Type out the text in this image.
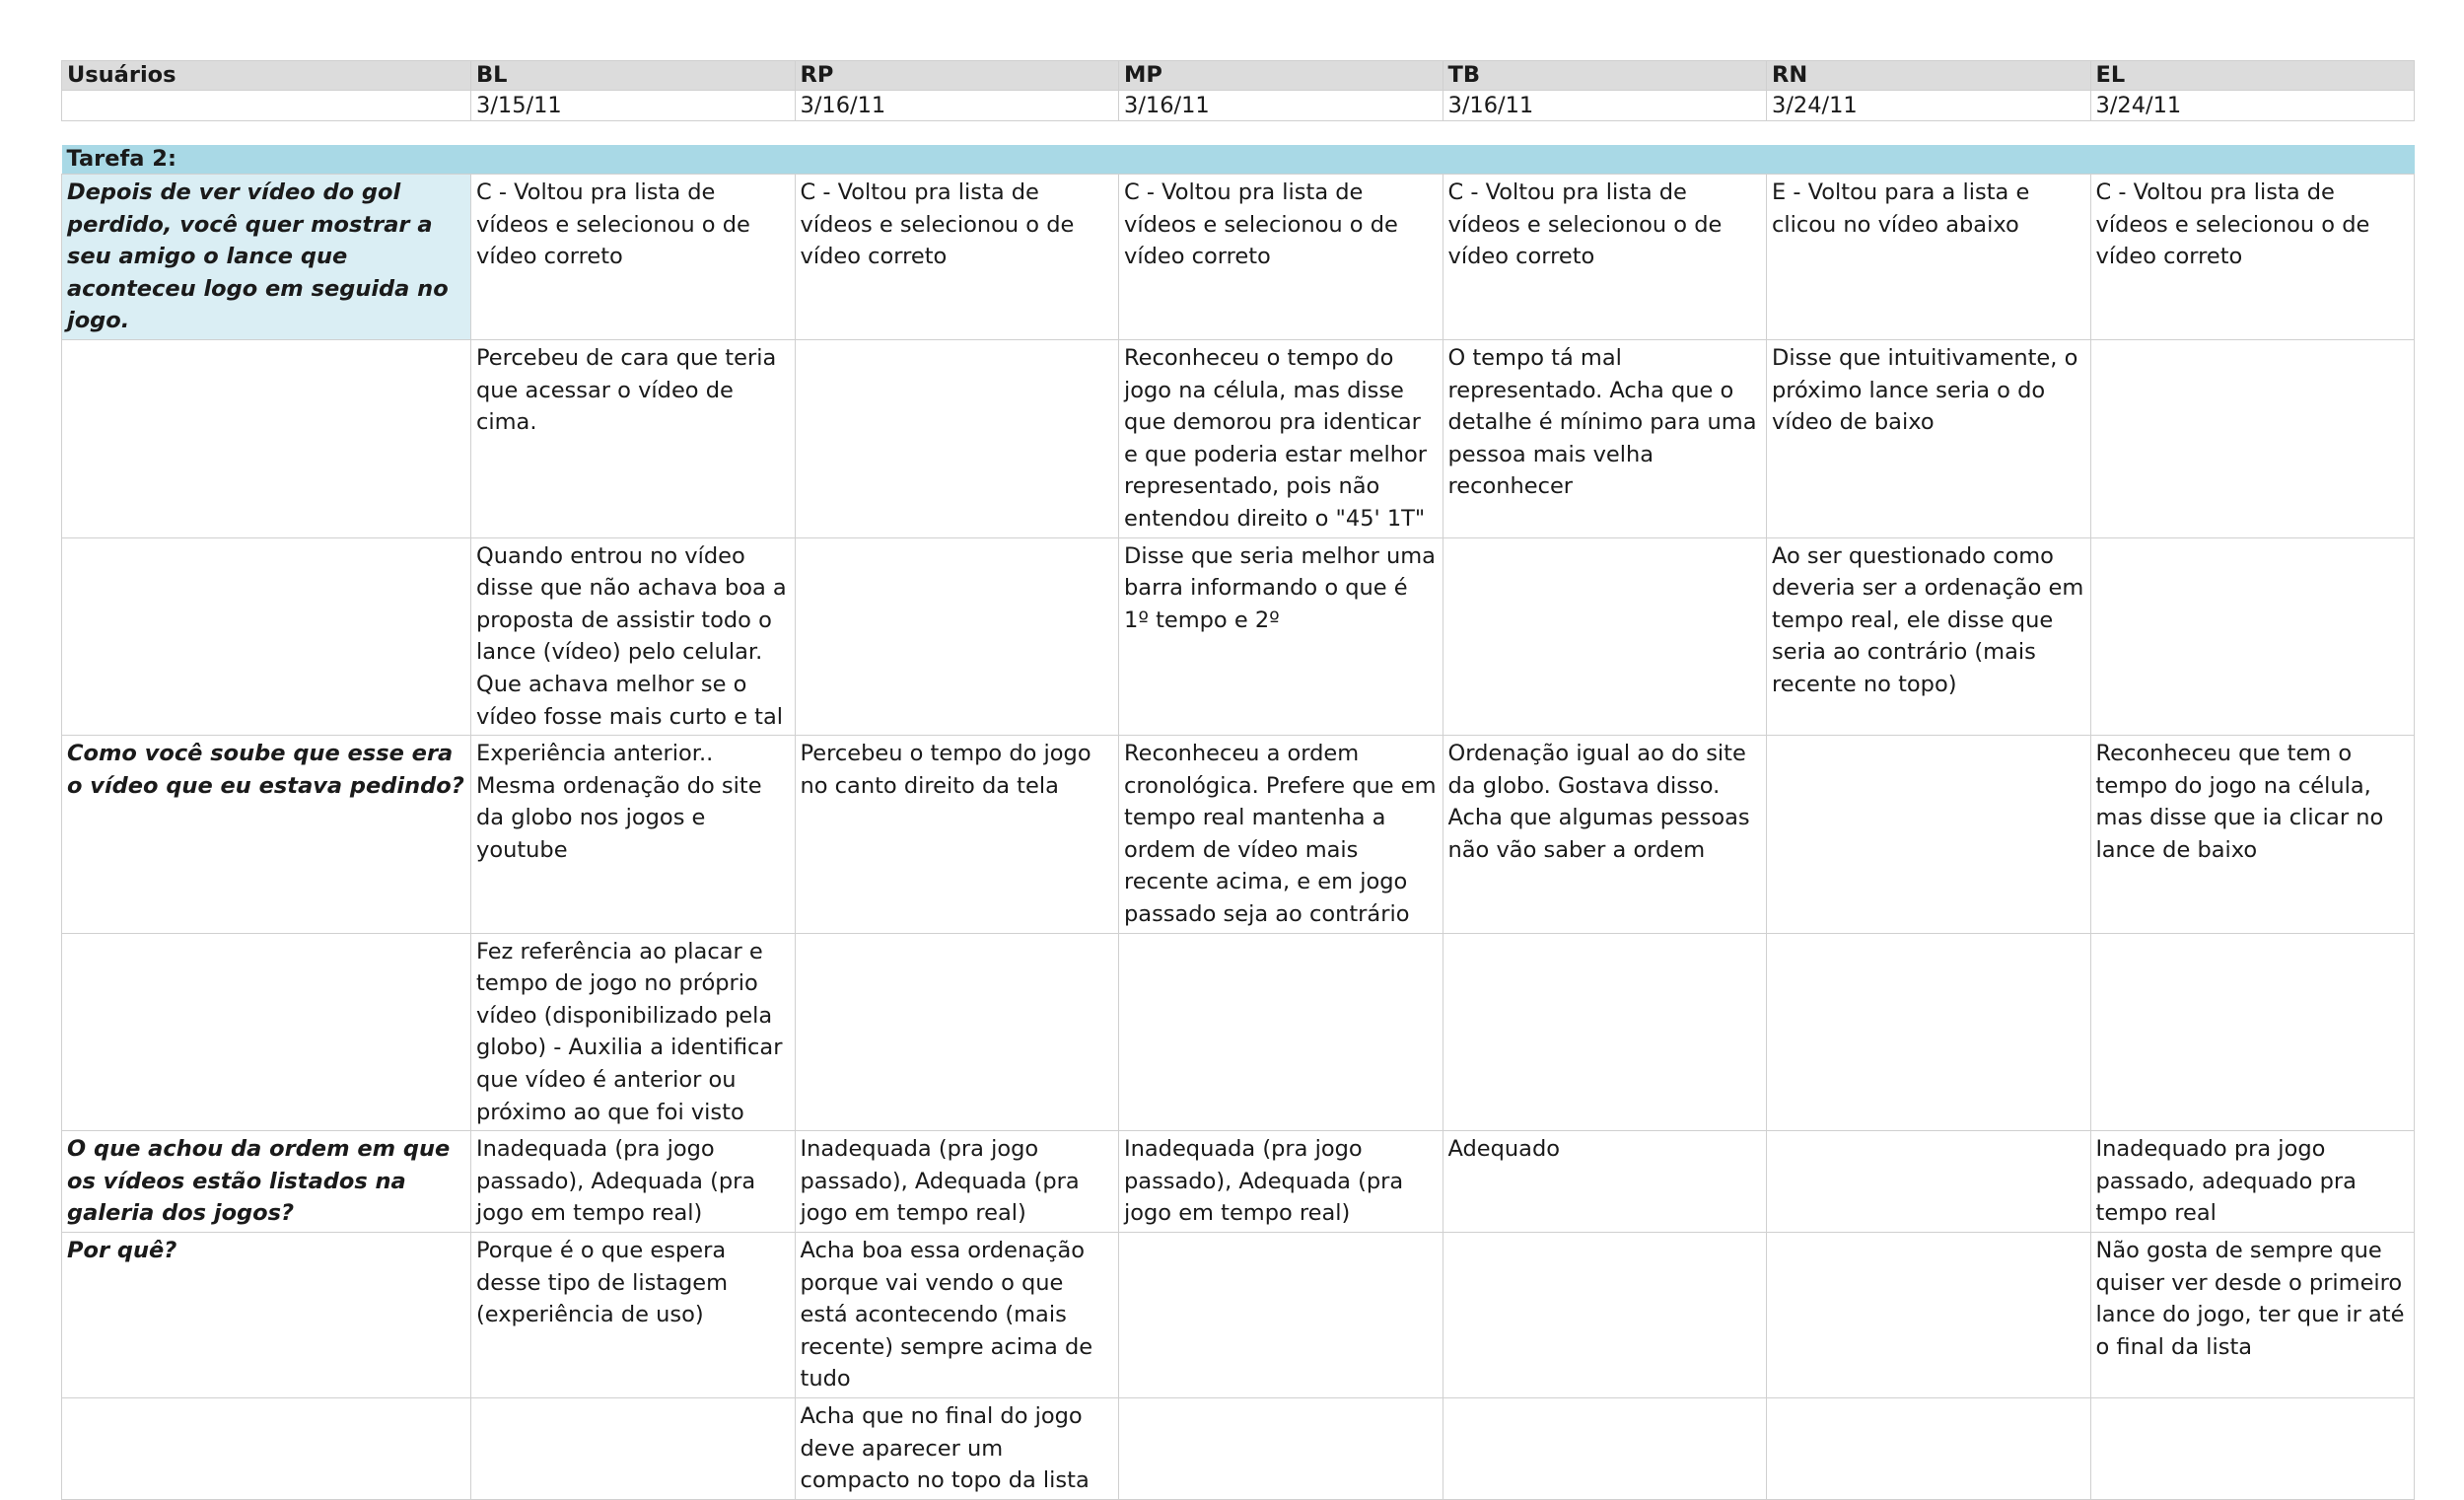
Usuários	BL	RP	MP	TB	RN	EL
	3/15/11	3/16/11	3/16/11	3/16/11	3/24/11	3/24/11

Tarefa 2:						
Depois de ver vídeo do gol perdido, você quer mostrar a seu amigo o lance que aconteceu logo em seguida no jogo.	C - Voltou pra lista de vídeos e selecionou o de vídeo correto	C - Voltou pra lista de vídeos e selecionou o de vídeo correto	C - Voltou pra lista de vídeos e selecionou o de vídeo correto	C - Voltou pra lista de vídeos e selecionou o de vídeo correto	E - Voltou para a lista e clicou no vídeo abaixo	C - Voltou pra lista de vídeos e selecionou o de vídeo correto
	Percebeu de cara que teria que acessar o vídeo de cima.		Reconheceu o tempo do jogo na célula, mas disse que demorou pra identicar e que poderia estar melhor representado, pois não entendou direito o "45' 1T"	O tempo tá mal representado. Acha que o detalhe é mínimo para uma pessoa mais velha reconhecer	Disse que intuitivamente, o próximo lance seria o do vídeo de baixo	
	Quando entrou no vídeo disse que não achava boa a proposta de assistir todo o lance (vídeo) pelo celular. Que achava melhor se o vídeo fosse mais curto e tal		Disse que seria melhor uma barra informando o que é 1º tempo e 2º		Ao ser questionado como deveria ser a ordenação em tempo real, ele disse que seria ao contrário (mais recente no topo)	
Como você soube que esse era o vídeo que eu estava pedindo?	Experiência anterior.. Mesma ordenação do site da globo nos jogos e youtube	Percebeu o tempo do jogo no canto direito da tela	Reconheceu a ordem cronológica. Prefere que em tempo real mantenha a ordem de vídeo mais recente acima, e em jogo passado seja ao contrário	Ordenação igual ao do site da globo. Gostava disso. Acha que algumas pessoas não vão saber a ordem		Reconheceu que tem o tempo do jogo na célula, mas disse que ia clicar no lance de baixo
	Fez referência ao placar e tempo de jogo no próprio vídeo (disponibilizado pela globo) - Auxilia a identificar que vídeo é anterior ou próximo ao que foi visto					
O que achou da ordem em que os vídeos estão listados na galeria dos jogos?	Inadequada (pra jogo passado), Adequada (pra jogo em tempo real)	Inadequada (pra jogo passado), Adequada (pra jogo em tempo real)	Inadequada (pra jogo passado), Adequada (pra jogo em tempo real)	Adequado		Inadequado pra jogo passado, adequado pra tempo real
Por quê?	Porque é o que espera desse tipo de listagem (experiência de uso)	Acha boa essa ordenação porque vai vendo o que está acontecendo (mais recente) sempre acima de tudo				Não gosta de sempre que quiser ver desde o primeiro lance do jogo, ter que ir até o final da lista
		Acha que no final do jogo deve aparecer um compacto no topo da lista				
